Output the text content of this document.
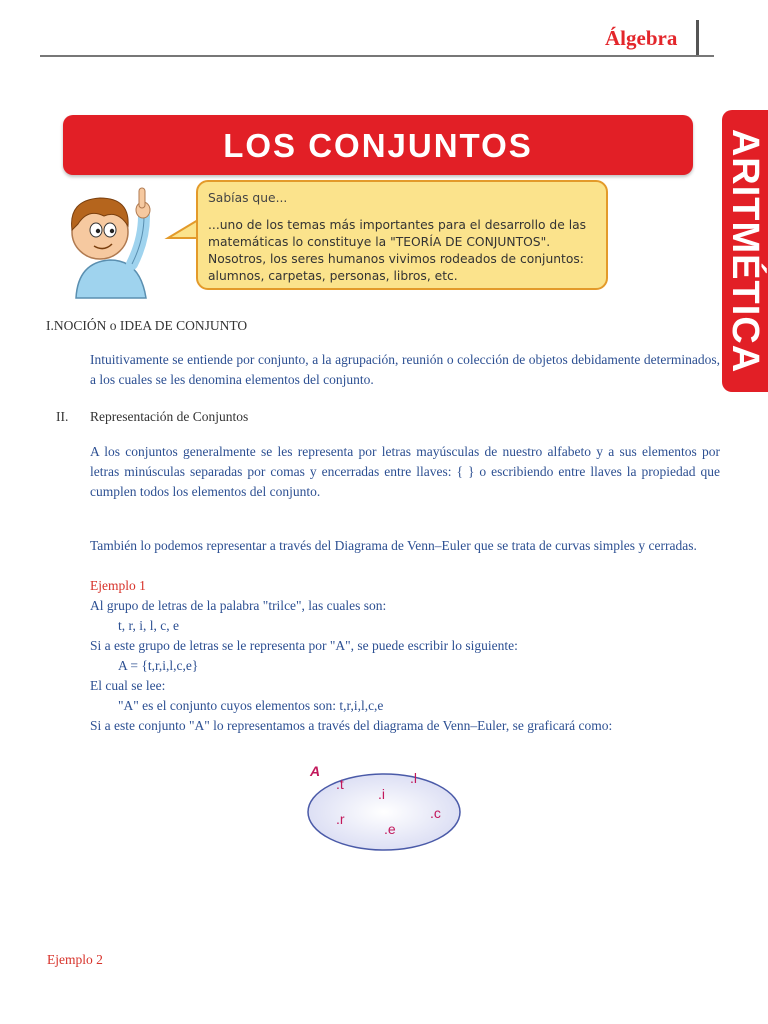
Álgebra
ARITMÉTICA
LOS CONJUNTOS

Sabías que...

...uno de los temas más importantes para el desarrollo de las matemáticas lo constituye la "TEORÍA DE CONJUNTOS". Nosotros, los seres humanos vivimos rodeados de conjuntos: alumnos, carpetas, personas, libros, etc.

I.NOCIÓN o IDEA DE CONJUNTO
Intuitivamente se entiende por conjunto, a la agrupación, reunión o colección de objetos debidamente determinados, a los cuales se les denomina elementos del conjunto.
II. Representación de Conjuntos
A los conjuntos generalmente se les representa por letras mayúsculas de nuestro alfabeto y a sus elementos por letras minúsculas separadas por comas y encerradas entre llaves: { } o escribiendo entre llaves la propiedad que cumplen todos los elementos del conjunto.
También lo podemos representar a través del Diagrama de Venn–Euler que se trata de curvas simples y cerradas.
Ejemplo 1
Al grupo de letras de la palabra "trilce", las cuales son:
t, r, i, l, c, e
Si a este grupo de letras se le representa por "A", se puede escribir lo siguiente:
A = {t,r,i,l,c,e}
El cual se lee:
"A" es el conjunto cuyos elementos son: t,r,i,l,c,e
Si a este conjunto "A" lo representamos a través del diagrama de Venn–Euler, se graficará como:
A
.t
.i
.l
.r
.e
.c
Ejemplo 2
